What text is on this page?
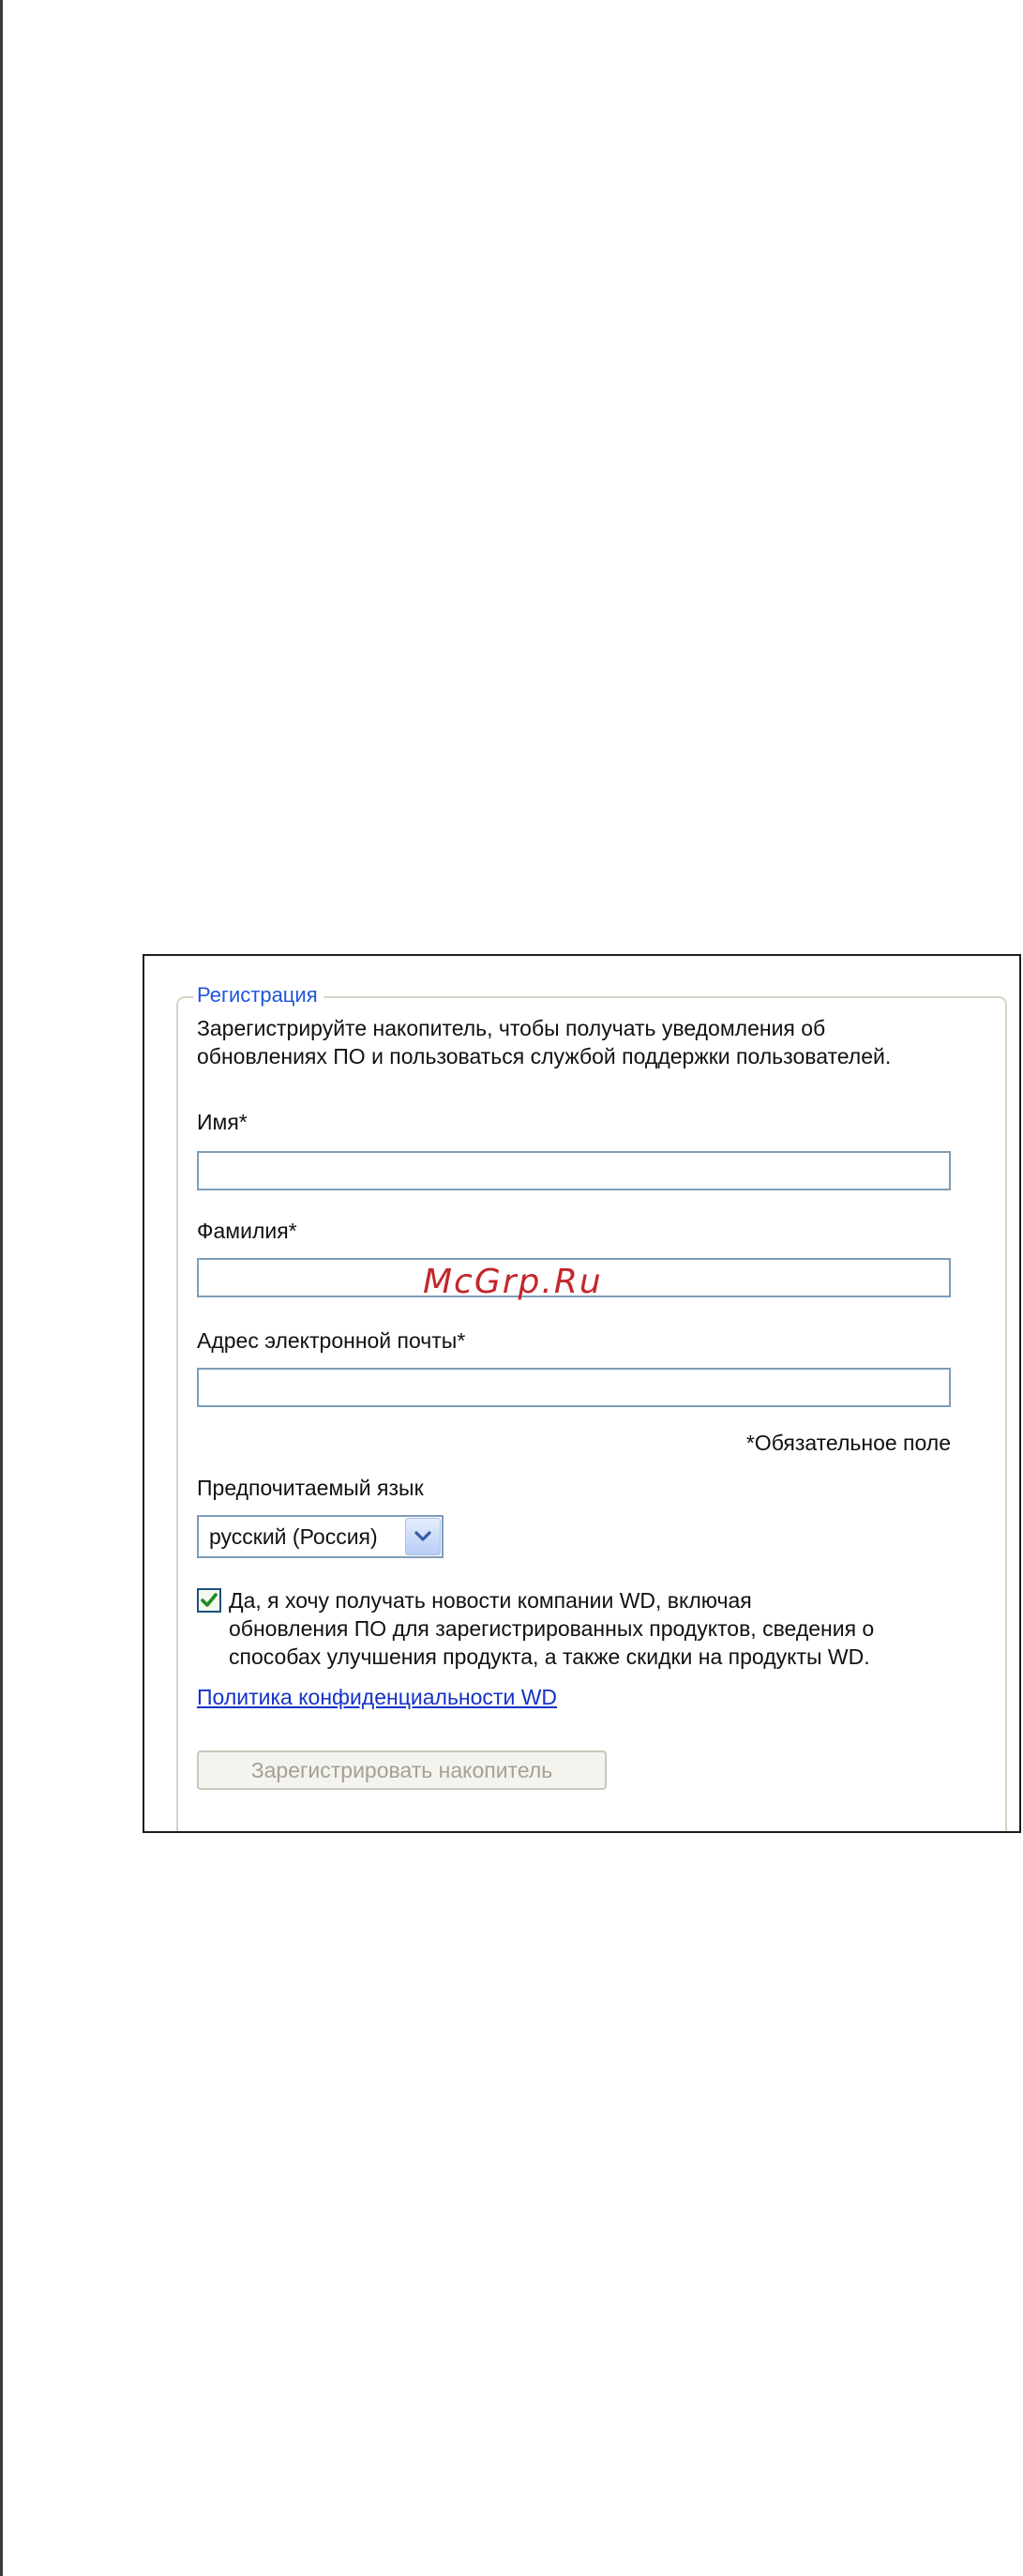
Регистрация
Зарегистрируйте накопитель, чтобы получать уведомления об
обновлениях ПО и пользоваться службой поддержки пользователей.
Имя*
Фамилия*
McGrp.Ru
Адрес электронной почты*
*Обязательное поле
Предпочитаемый язык
русский (Россия)
Да, я хочу получать новости компании WD, включая
обновления ПО для зарегистрированных продуктов, сведения о
способах улучшения продукта, а также скидки на продукты WD.
Политика конфиденциальности WD
Зарегистрировать накопитель
